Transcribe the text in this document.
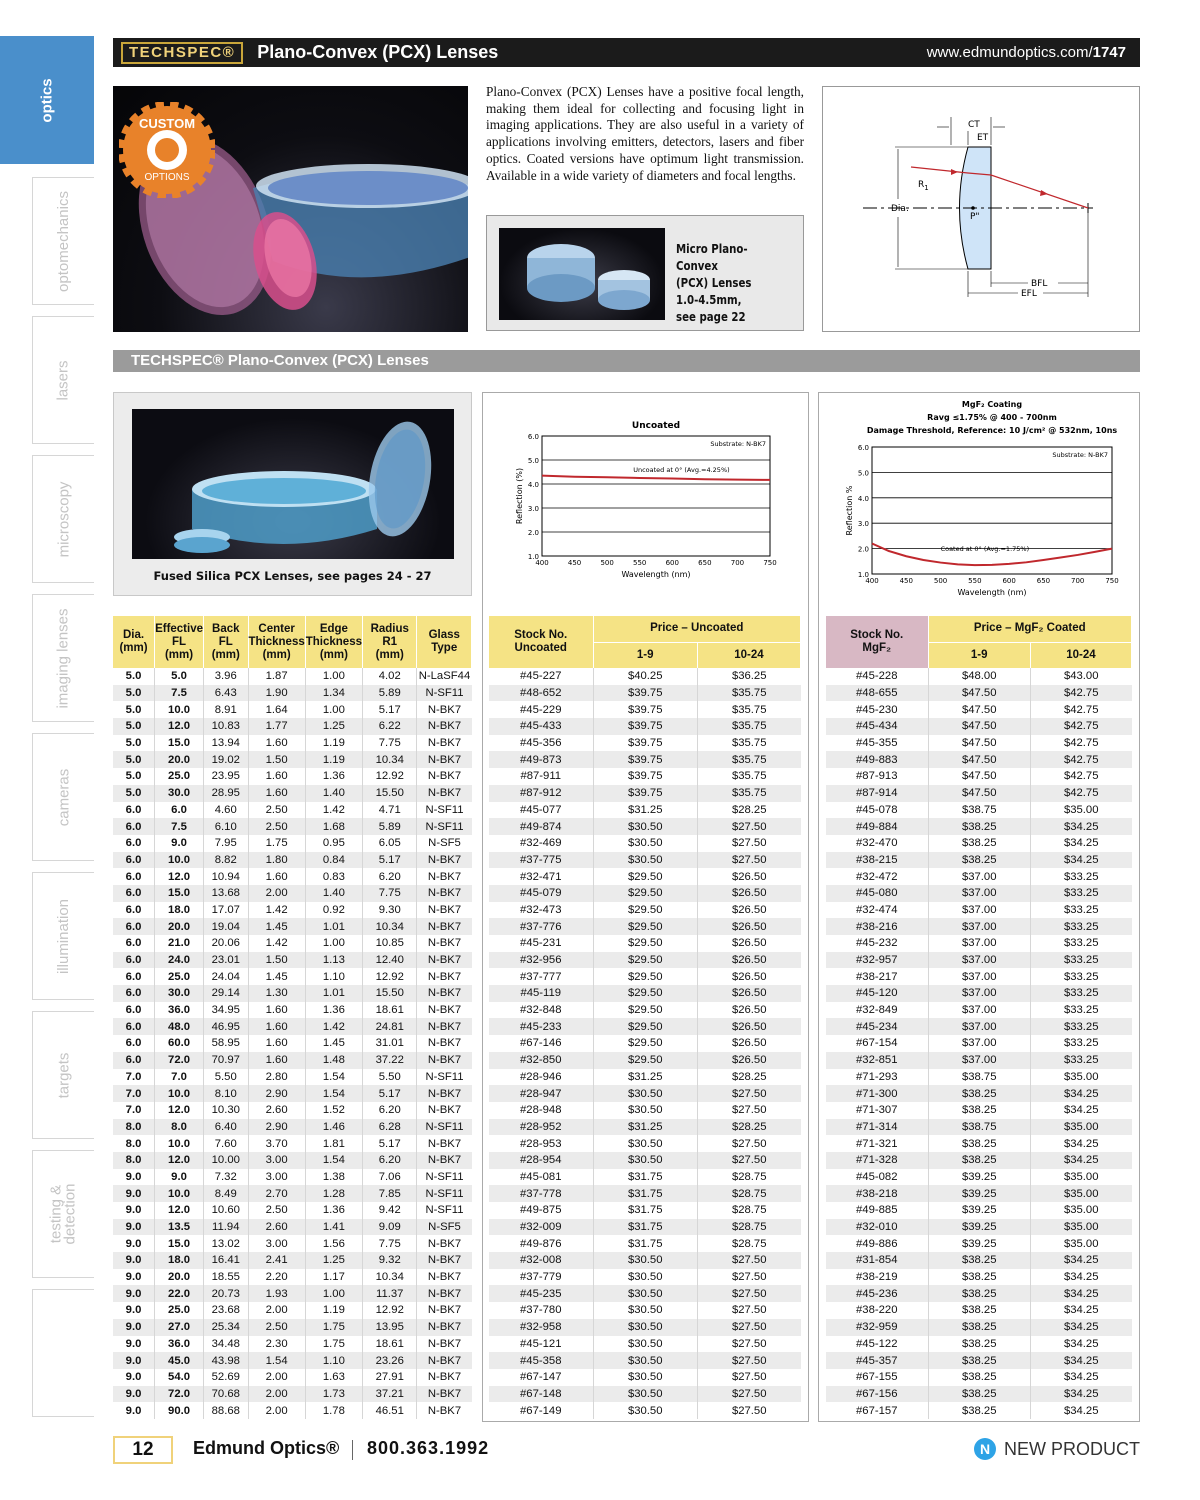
optics
optomechanics
lasers
microscopy
imaging lenses
cameras
illumination
targets
testing & detection
TECHSPEC®	Plano-Convex (PCX) Lenses	www.edmundoptics.com/1747
CUSTOM
OPTIONS
Plano-Convex (PCX) Lenses have a positive focal length, making them ideal for collecting and focusing light in imaging applications. They are also useful in a variety of applications involving emitters, detectors, lasers and fiber optics. Coated versions have optimum light transmission. Available in a wide variety of diameters and focal lengths.
Micro Plano-Convex
(PCX) Lenses
1.0-4.5mm,
see page 22
CT
ET
$R_1$
Dia.
P"
BFL
EFL
TECHSPEC® Plano-Convex (PCX) Lenses
Fused Silica PCX Lenses, see pages 24 - 27
1.0
2.0
3.0
4.0
5.0
6.0
400	450	500	550	600	650	700	750
Wavelength (nm)
Reflection (%)
Substrate: N-BK7
Uncoated
Uncoated at 0° (Avg.=4.25%)
1.0
2.0
3.0
4.0
5.0
6.0
400	450	500	550	600	650	700	750
Wavelength (nm)
Reflection %
Substrate: N-BK7
MgF₂ Coating
Ravg ≤1.75% @ 400 - 700nm
Damage Threshold, Reference: 10 J/cm² @ 532nm, 10ns
Coated at 0° (Avg.=1.75%)
Dia.
(mm)	Effective
FL
(mm)	Back
FL
(mm)	Center
Thickness
(mm)	Edge
Thickness
(mm)	Radius
R1
(mm)	Glass
Type
5.0	5.0	3.96	1.87	1.00	4.02	N-LaSF44
5.0	7.5	6.43	1.90	1.34	5.89	N-SF11
5.0	10.0	8.91	1.64	1.00	5.17	N-BK7
5.0	12.0	10.83	1.77	1.25	6.22	N-BK7
5.0	15.0	13.94	1.60	1.19	7.75	N-BK7
5.0	20.0	19.02	1.50	1.19	10.34	N-BK7
5.0	25.0	23.95	1.60	1.36	12.92	N-BK7
5.0	30.0	28.95	1.60	1.40	15.50	N-BK7
6.0	6.0	4.60	2.50	1.42	4.71	N-SF11
6.0	7.5	6.10	2.50	1.68	5.89	N-SF11
6.0	9.0	7.95	1.75	0.95	6.05	N-SF5
6.0	10.0	8.82	1.80	0.84	5.17	N-BK7
6.0	12.0	10.94	1.60	0.83	6.20	N-BK7
6.0	15.0	13.68	2.00	1.40	7.75	N-BK7
6.0	18.0	17.07	1.42	0.92	9.30	N-BK7
6.0	20.0	19.04	1.45	1.01	10.34	N-BK7
6.0	21.0	20.06	1.42	1.00	10.85	N-BK7
6.0	24.0	23.01	1.50	1.13	12.40	N-BK7
6.0	25.0	24.04	1.45	1.10	12.92	N-BK7
6.0	30.0	29.14	1.30	1.01	15.50	N-BK7
6.0	36.0	34.95	1.60	1.36	18.61	N-BK7
6.0	48.0	46.95	1.60	1.42	24.81	N-BK7
6.0	60.0	58.95	1.60	1.45	31.01	N-BK7
6.0	72.0	70.97	1.60	1.48	37.22	N-BK7
7.0	7.0	5.50	2.80	1.54	5.50	N-SF11
7.0	10.0	8.10	2.90	1.54	5.17	N-BK7
7.0	12.0	10.30	2.60	1.52	6.20	N-BK7
8.0	8.0	6.40	2.90	1.46	6.28	N-SF11
8.0	10.0	7.60	3.70	1.81	5.17	N-BK7
8.0	12.0	10.00	3.00	1.54	6.20	N-BK7
9.0	9.0	7.32	3.00	1.38	7.06	N-SF11
9.0	10.0	8.49	2.70	1.28	7.85	N-SF11
9.0	12.0	10.60	2.50	1.36	9.42	N-SF11
9.0	13.5	11.94	2.60	1.41	9.09	N-SF5
9.0	15.0	13.02	3.00	1.56	7.75	N-BK7
9.0	18.0	16.41	2.41	1.25	9.32	N-BK7
9.0	20.0	18.55	2.20	1.17	10.34	N-BK7
9.0	22.0	20.73	1.93	1.00	11.37	N-BK7
9.0	25.0	23.68	2.00	1.19	12.92	N-BK7
9.0	27.0	25.34	2.50	1.75	13.95	N-BK7
9.0	36.0	34.48	2.30	1.75	18.61	N-BK7
9.0	45.0	43.98	1.54	1.10	23.26	N-BK7
9.0	54.0	52.69	2.00	1.63	27.91	N-BK7
9.0	72.0	70.68	2.00	1.73	37.21	N-BK7
9.0	90.0	88.68	2.00	1.78	46.51	N-BK7
Stock No.
Uncoated	Price – Uncoated	
	1-9	10-24
#45-227	$40.25	$36.25
#48-652	$39.75	$35.75
#45-229	$39.75	$35.75
#45-433	$39.75	$35.75
#45-356	$39.75	$35.75
#49-873	$39.75	$35.75
#87-911	$39.75	$35.75
#87-912	$39.75	$35.75
#45-077	$31.25	$28.25
#49-874	$30.50	$27.50
#32-469	$30.50	$27.50
#37-775	$30.50	$27.50
#32-471	$29.50	$26.50
#45-079	$29.50	$26.50
#32-473	$29.50	$26.50
#37-776	$29.50	$26.50
#45-231	$29.50	$26.50
#32-956	$29.50	$26.50
#37-777	$29.50	$26.50
#45-119	$29.50	$26.50
#32-848	$29.50	$26.50
#45-233	$29.50	$26.50
#67-146	$29.50	$26.50
#32-850	$29.50	$26.50
#28-946	$31.25	$28.25
#28-947	$30.50	$27.50
#28-948	$30.50	$27.50
#28-952	$31.25	$28.25
#28-953	$30.50	$27.50
#28-954	$30.50	$27.50
#45-081	$31.75	$28.75
#37-778	$31.75	$28.75
#49-875	$31.75	$28.75
#32-009	$31.75	$28.75
#49-876	$31.75	$28.75
#32-008	$30.50	$27.50
#37-779	$30.50	$27.50
#45-235	$30.50	$27.50
#37-780	$30.50	$27.50
#32-958	$30.50	$27.50
#45-121	$30.50	$27.50
#45-358	$30.50	$27.50
#67-147	$30.50	$27.50
#67-148	$30.50	$27.50
#67-149	$30.50	$27.50
Stock No.
MgF₂	Price – MgF₂ Coated	
	1-9	10-24
#45-228	$48.00	$43.00
#48-655	$47.50	$42.75
#45-230	$47.50	$42.75
#45-434	$47.50	$42.75
#45-355	$47.50	$42.75
#49-883	$47.50	$42.75
#87-913	$47.50	$42.75
#87-914	$47.50	$42.75
#45-078	$38.75	$35.00
#49-884	$38.25	$34.25
#32-470	$38.25	$34.25
#38-215	$38.25	$34.25
#32-472	$37.00	$33.25
#45-080	$37.00	$33.25
#32-474	$37.00	$33.25
#38-216	$37.00	$33.25
#45-232	$37.00	$33.25
#32-957	$37.00	$33.25
#38-217	$37.00	$33.25
#45-120	$37.00	$33.25
#32-849	$37.00	$33.25
#45-234	$37.00	$33.25
#67-154	$37.00	$33.25
#32-851	$37.00	$33.25
#71-293	$38.75	$35.00
#71-300	$38.25	$34.25
#71-307	$38.25	$34.25
#71-314	$38.75	$35.00
#71-321	$38.25	$34.25
#71-328	$38.25	$34.25
#45-082	$39.25	$35.00
#38-218	$39.25	$35.00
#49-885	$39.25	$35.00
#32-010	$39.25	$35.00
#49-886	$39.25	$35.00
#31-854	$38.25	$34.25
#38-219	$38.25	$34.25
#45-236	$38.25	$34.25
#38-220	$38.25	$34.25
#32-959	$38.25	$34.25
#45-122	$38.25	$34.25
#45-357	$38.25	$34.25
#67-155	$38.25	$34.25
#67-156	$38.25	$34.25
#67-157	$38.25	$34.25
12	Edmund Optics® 800.363.1992	N NEW PRODUCT
